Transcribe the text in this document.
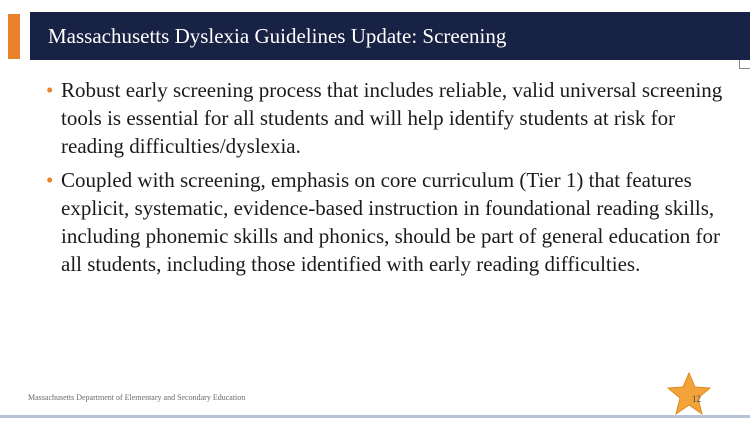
Massachusetts Dyslexia Guidelines Update: Screening
• Robust early screening process that includes reliable, valid universal screening tools is essential for all students and will help identify students at risk for reading difficulties/dyslexia.
• Coupled with screening, emphasis on core curriculum (Tier 1) that features explicit, systematic, evidence-based instruction in foundational reading skills, including phonemic skills and phonics, should be part of general education for all students, including those identified with early reading difficulties.
Massachusetts Department of Elementary and Secondary Education	12
